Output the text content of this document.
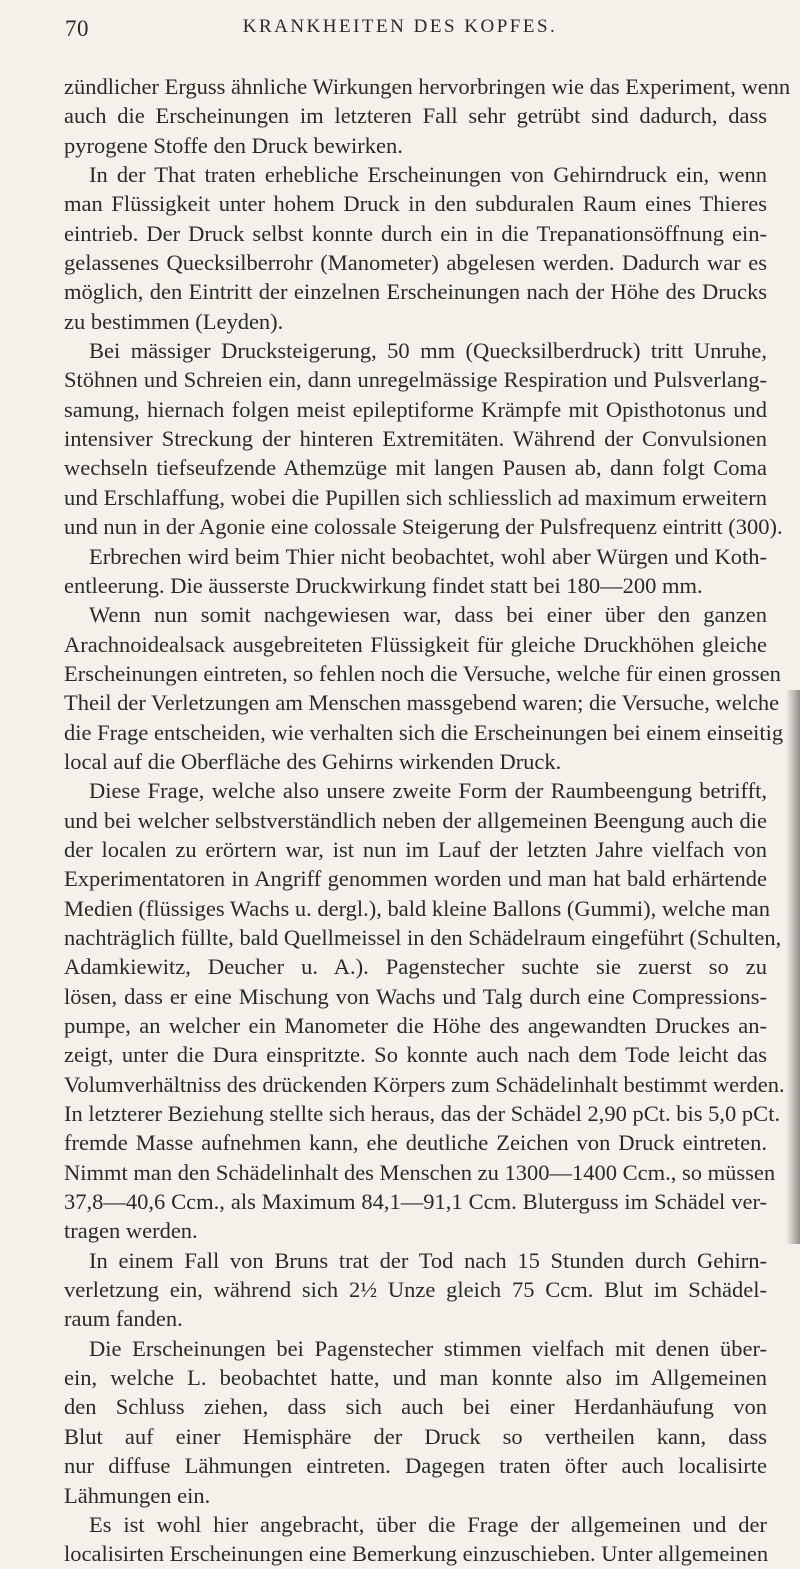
70	KRANKHEITEN DES KOPFES.
zündlicher Erguss ähnliche Wirkungen hervorbringen wie das Experiment, wenn
auch die Erscheinungen im letzteren Fall sehr getrübt sind dadurch, dass
pyrogene Stoffe den Druck bewirken.
In der That traten erhebliche Erscheinungen von Gehirndruck ein, wenn
man Flüssigkeit unter hohem Druck in den subduralen Raum eines Thieres
eintrieb. Der Druck selbst konnte durch ein in die Trepanationsöffnung ein-
gelassenes Quecksilberrohr (Manometer) abgelesen werden. Dadurch war es
möglich, den Eintritt der einzelnen Erscheinungen nach der Höhe des Drucks
zu bestimmen (Leyden).
Bei mässiger Drucksteigerung, 50 mm (Quecksilberdruck) tritt Unruhe,
Stöhnen und Schreien ein, dann unregelmässige Respiration und Pulsverlang-
samung, hiernach folgen meist epileptiforme Krämpfe mit Opisthotonus und
intensiver Streckung der hinteren Extremitäten. Während der Convulsionen
wechseln tiefseufzende Athemzüge mit langen Pausen ab, dann folgt Coma
und Erschlaffung, wobei die Pupillen sich schliesslich ad maximum erweitern
und nun in der Agonie eine colossale Steigerung der Pulsfrequenz eintritt (300).
Erbrechen wird beim Thier nicht beobachtet, wohl aber Würgen und Koth-
entleerung. Die äusserste Druckwirkung findet statt bei 180—200 mm.
Wenn nun somit nachgewiesen war, dass bei einer über den ganzen
Arachnoidealsack ausgebreiteten Flüssigkeit für gleiche Druckhöhen gleiche
Erscheinungen eintreten, so fehlen noch die Versuche, welche für einen grossen
Theil der Verletzungen am Menschen massgebend waren; die Versuche, welche
die Frage entscheiden, wie verhalten sich die Erscheinungen bei einem einseitig
local auf die Oberfläche des Gehirns wirkenden Druck.
Diese Frage, welche also unsere zweite Form der Raumbeengung betrifft,
und bei welcher selbstverständlich neben der allgemeinen Beengung auch die
der localen zu erörtern war, ist nun im Lauf der letzten Jahre vielfach von
Experimentatoren in Angriff genommen worden und man hat bald erhärtende
Medien (flüssiges Wachs u. dergl.), bald kleine Ballons (Gummi), welche man
nachträglich füllte, bald Quellmeissel in den Schädelraum eingeführt (Schulten,
Adamkiewitz, Deucher u. A.). Pagenstecher suchte sie zuerst so zu
lösen, dass er eine Mischung von Wachs und Talg durch eine Compressions-
pumpe, an welcher ein Manometer die Höhe des angewandten Druckes an-
zeigt, unter die Dura einspritzte. So konnte auch nach dem Tode leicht das
Volumverhältniss des drückenden Körpers zum Schädelinhalt bestimmt werden.
In letzterer Beziehung stellte sich heraus, das der Schädel 2,90 pCt. bis 5,0 pCt.
fremde Masse aufnehmen kann, ehe deutliche Zeichen von Druck eintreten.
Nimmt man den Schädelinhalt des Menschen zu 1300—1400 Ccm., so müssen
37,8—40,6 Ccm., als Maximum 84,1—91,1 Ccm. Bluterguss im Schädel ver-
tragen werden.
In einem Fall von Bruns trat der Tod nach 15 Stunden durch Gehirn-
verletzung ein, während sich 2½ Unze gleich 75 Ccm. Blut im Schädel-
raum fanden.
Die Erscheinungen bei Pagenstecher stimmen vielfach mit denen über-
ein, welche L. beobachtet hatte, und man konnte also im Allgemeinen
den Schluss ziehen, dass sich auch bei einer Herdanhäufung von
Blut auf einer Hemisphäre der Druck so vertheilen kann, dass
nur diffuse Lähmungen eintreten. Dagegen traten öfter auch localisirte
Lähmungen ein.
Es ist wohl hier angebracht, über die Frage der allgemeinen und der
localisirten Erscheinungen eine Bemerkung einzuschieben. Unter allgemeinen
